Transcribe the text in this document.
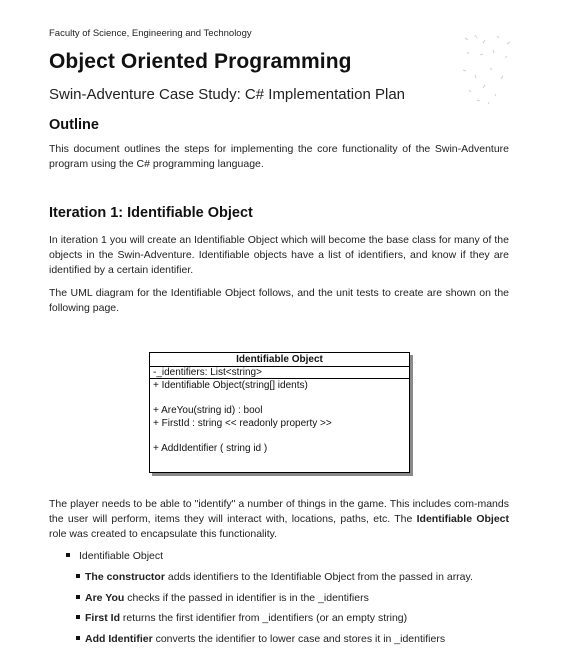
Faculty of Science, Engineering and Technology
Object Oriented Programming
Swin-Adventure Case Study: C# Implementation Plan
Outline
This document outlines the steps for implementing the core functionality of the Swin-Adventure program using the C# programming language.
Iteration 1: Identifiable Object
In iteration 1 you will create an Identifiable Object which will become the base class for many of the objects in the Swin-Adventure. Identifiable objects have a list of identifiers, and know if they are identified by a certain identifier.
The UML diagram for the Identifiable Object follows, and the unit tests to create are shown on the following page.
Identifiable Object
-_identifiers: List<string>
+ Identifiable Object(string[] idents)
+ AreYou(string id) : bool
+ FirstId : string << readonly property >>
+ AddIdentifier ( string id )
The player needs to be able to "identify" a number of things in the game. This includes com-mands the user will perform, items they will interact with, locations, paths, etc. The Identifiable Object role was created to encapsulate this functionality.
Identifiable Object
The constructor adds identifiers to the Identifiable Object from the passed in array.
Are You checks if the passed in identifier is in the _identifiers
First Id returns the first identifier from _identifiers (or an empty string)
Add Identifier converts the identifier to lower case and stores it in _identifiers
